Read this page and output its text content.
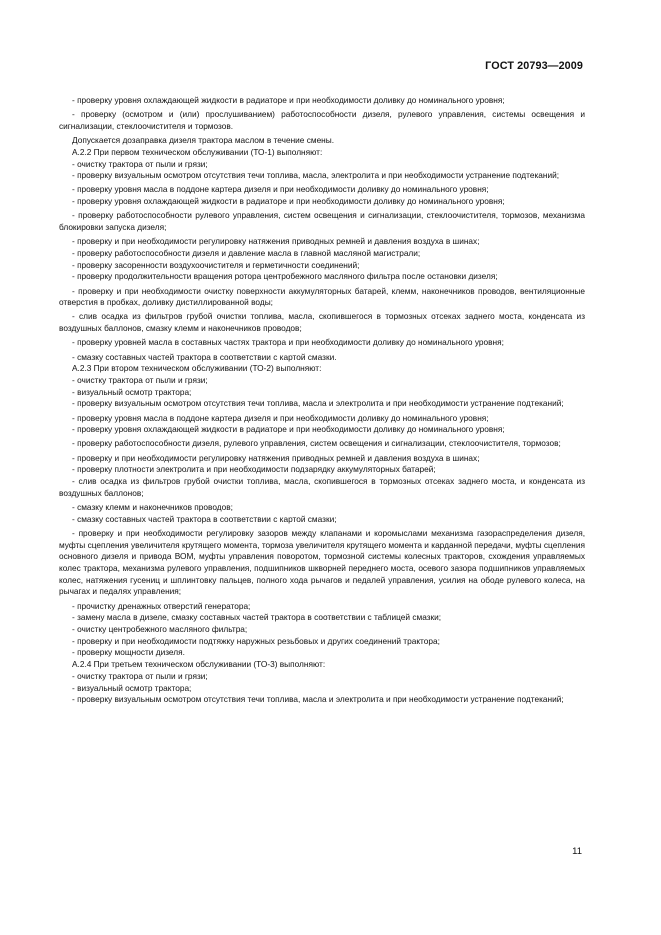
ГОСТ 20793—2009

- проверку уровня охлаждающей жидкости в радиаторе и при необходимости доливку до номинального уровня;

- проверку (осмотром и (или) прослушиванием) работоспособности дизеля, рулевого управления, системы освещения и сигнализации, стеклоочистителя и тормозов.

Допускается дозаправка дизеля трактора маслом в течение смены.

А.2.2 При первом техническом обслуживании (ТО-1) выполняют:

- очистку трактора от пыли и грязи;

- проверку визуальным осмотром отсутствия течи топлива, масла, электролита и при необходимости устранение подтеканий;

- проверку уровня масла в поддоне картера дизеля и при необходимости доливку до номинального уровня;

- проверку уровня охлаждающей жидкости в радиаторе и при необходимости доливку до номинального уровня;

- проверку работоспособности рулевого управления, систем освещения и сигнализации, стеклоочистителя, тормозов, механизма блокировки запуска дизеля;

- проверку и при необходимости регулировку натяжения приводных ремней и давления воздуха в шинах;

- проверку работоспособности дизеля и давление масла в главной масляной магистрали;

- проверку засоренности воздухоочистителя и герметичности соединений;

- проверку продолжительности вращения ротора центробежного масляного фильтра после остановки дизеля;

- проверку и при необходимости очистку поверхности аккумуляторных батарей, клемм, наконечников проводов, вентиляционные отверстия в пробках, доливку дистиллированной воды;

- слив осадка из фильтров грубой очистки топлива, масла, скопившегося в тормозных отсеках заднего моста, конденсата из воздушных баллонов, смазку клемм и наконечников проводов;

- проверку уровней масла в составных частях трактора и при необходимости доливку до номинального уровня;

- смазку составных частей трактора в соответствии с картой смазки.

А.2.3 При втором техническом обслуживании (ТО-2) выполняют:

- очистку трактора от пыли и грязи;

- визуальный осмотр трактора;

- проверку визуальным осмотром отсутствия течи топлива, масла и электролита и при необходимости устранение подтеканий;

- проверку уровня масла в поддоне картера дизеля и при необходимости доливку до номинального уровня;

- проверку уровня охлаждающей жидкости в радиаторе и при необходимости доливку до номинального уровня;

- проверку работоспособности дизеля, рулевого управления, систем освещения и сигнализации, стеклоочистителя, тормозов;

- проверку и при необходимости регулировку натяжения приводных ремней и давления воздуха в шинах;

- проверку плотности электролита и при необходимости подзарядку аккумуляторных батарей;

- слив осадка из фильтров грубой очистки топлива, масла, скопившегося в тормозных отсеках заднего моста, и конденсата из воздушных баллонов;

- смазку клемм и наконечников проводов;

- смазку составных частей трактора в соответствии с картой смазки;

- проверку и при необходимости регулировку зазоров между клапанами и коромыслами механизма газораспределения дизеля, муфты сцепления увеличителя крутящего момента, тормоза увеличителя крутящего момента и карданной передачи, муфты сцепления основного дизеля и привода ВОМ, муфты управления поворотом, тормозной системы колесных тракторов, схождения управляемых колес трактора, механизма рулевого управления, подшипников шкворней переднего моста, осевого зазора подшипников управляемых колес, натяжения гусениц и шплинтовку пальцев, полного хода рычагов и педалей управления, усилия на ободе рулевого колеса, на рычагах и педалях управления;

- прочистку дренажных отверстий генератора;

- замену масла в дизеле, смазку составных частей трактора в соответствии с таблицей смазки;

- очистку центробежного масляного фильтра;

- проверку и при необходимости подтяжку наружных резьбовых и других соединений трактора;

- проверку мощности дизеля.

А.2.4 При третьем техническом обслуживании (ТО-3) выполняют:

- очистку трактора от пыли и грязи;

- визуальный осмотр трактора;

- проверку визуальным осмотром отсутствия течи топлива, масла и электролита и при необходимости устранение подтеканий;

11
